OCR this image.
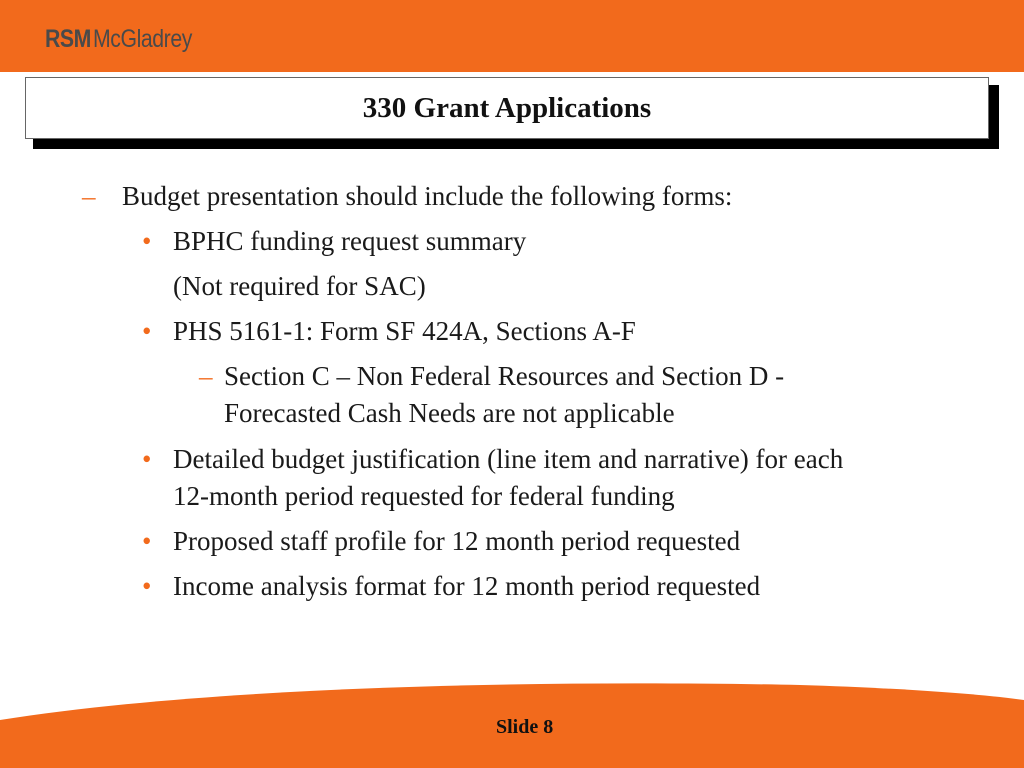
RSMMcGladrey
330 Grant Applications
– Budget presentation should include the following forms:
• BPHC funding request summary
(Not required for SAC)
• PHS 5161-1: Form SF 424A, Sections A-F
– Section C – Non Federal Resources and Section D -
Forecasted Cash Needs are not applicable
• Detailed budget justification (line item and narrative) for each
12-month period requested for federal funding
• Proposed staff profile for 12 month period requested
• Income analysis format for 12 month period requested
Slide 8
